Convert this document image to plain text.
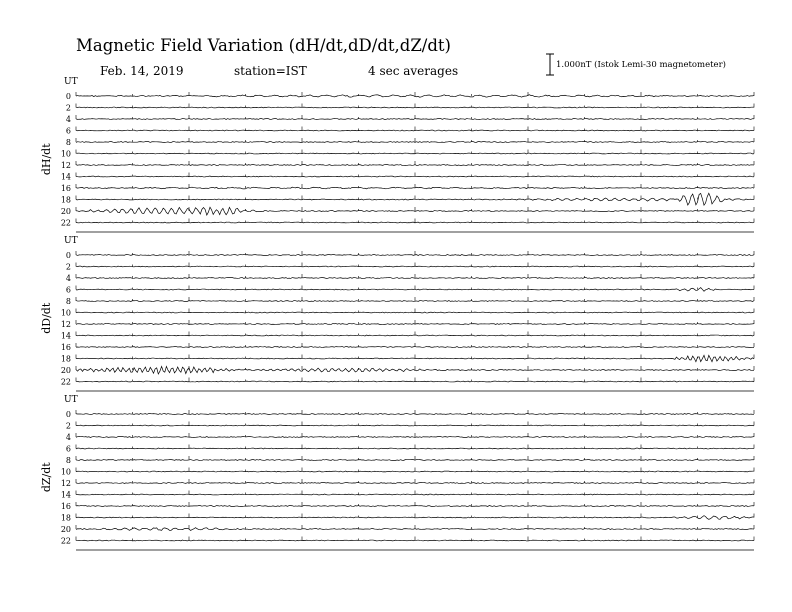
UT
dH/dt
0
2
4
6
8
10
12
14
16
18
20
22
UT
dD/dt
0
2
4
6
8
10
12
14
16
18
20
22
UT
dZ/dt
0
2
4
6
8
10
12
14
16
18
20
22
Magnetic Field Variation (dH/dt,dD/dt,dZ/dt)
Feb. 14, 2019	station=IST	4 sec averages	1.000nT (Istok Lemi-30 magnetometer)
